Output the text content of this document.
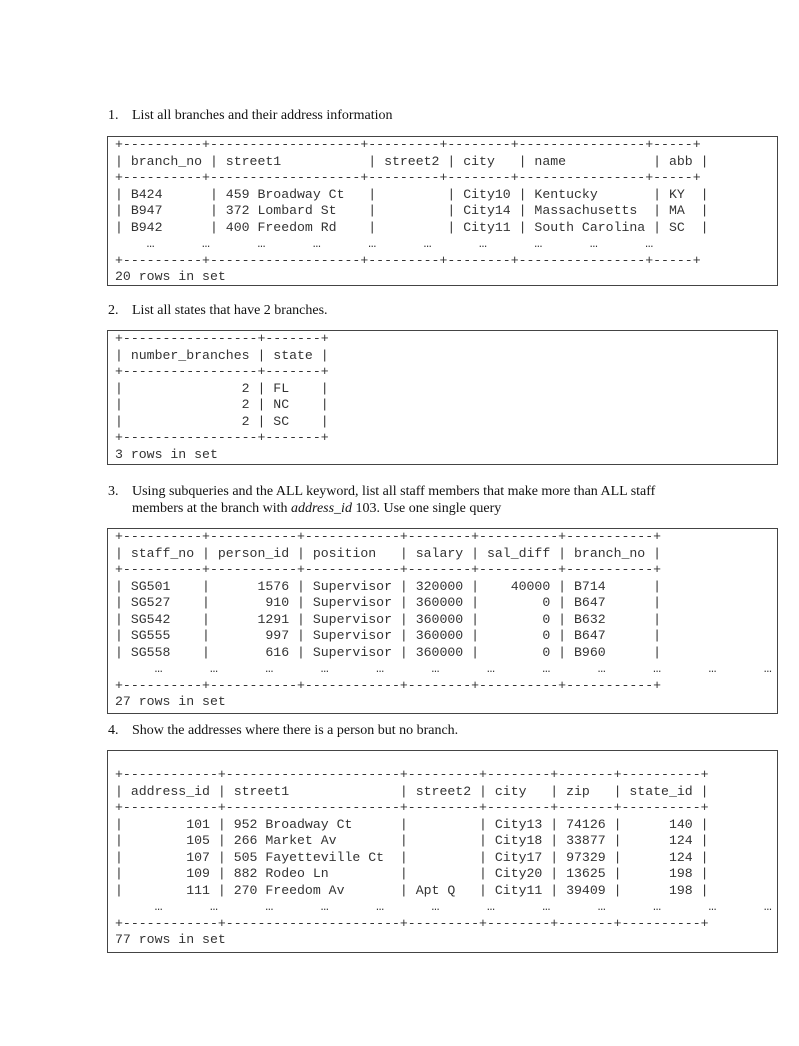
1. List all branches and their address information
+----------+-------------------+---------+--------+----------------+-----+
| branch_no | street1           | street2 | city   | name           | abb |
+----------+-------------------+---------+--------+----------------+-----+
| B424      | 459 Broadway Ct   |         | City10 | Kentucky       | KY  |
| B947      | 372 Lombard St    |         | City14 | Massachusetts  | MA  |
| B942      | 400 Freedom Rd    |         | City11 | South Carolina | SC  |
…      …      …      …      …      …      …      …      …      …
+----------+-------------------+---------+--------+----------------+-----+
20 rows in set
2. List all states that have 2 branches.
+-----------------+-------+
| number_branches | state |
+-----------------+-------+
|               2 | FL    |
|               2 | NC    |
|               2 | SC    |
+-----------------+-------+
3 rows in set
3. Using subqueries and the ALL keyword, list all staff members that make more than ALL staff
members at the branch with address_id 103. Use one single query
+----------+-----------+------------+--------+----------+-----------+
| staff_no | person_id | position   | salary | sal_diff | branch_no |
+----------+-----------+------------+--------+----------+-----------+
| SG501    |      1576 | Supervisor | 320000 |    40000 | B714      |
| SG527    |       910 | Supervisor | 360000 |        0 | B647      |
| SG542    |      1291 | Supervisor | 360000 |        0 | B632      |
| SG555    |       997 | Supervisor | 360000 |        0 | B647      |
| SG558    |       616 | Supervisor | 360000 |        0 | B960      |
…      …      …      …      …      …      …      …      …      …      …      …
+----------+-----------+------------+--------+----------+-----------+
27 rows in set
4. Show the addresses where there is a person but no branch.
+------------+----------------------+---------+--------+-------+----------+
| address_id | street1              | street2 | city   | zip   | state_id |
+------------+----------------------+---------+--------+-------+----------+
|        101 | 952 Broadway Ct      |         | City13 | 74126 |      140 |
|        105 | 266 Market Av        |         | City18 | 33877 |      124 |
|        107 | 505 Fayetteville Ct  |         | City17 | 97329 |      124 |
|        109 | 882 Rodeo Ln         |         | City20 | 13625 |      198 |
|        111 | 270 Freedom Av       | Apt Q   | City11 | 39409 |      198 |
…      …      …      …      …      …      …      …      …      …      …      …
+------------+----------------------+---------+--------+-------+----------+
77 rows in set
